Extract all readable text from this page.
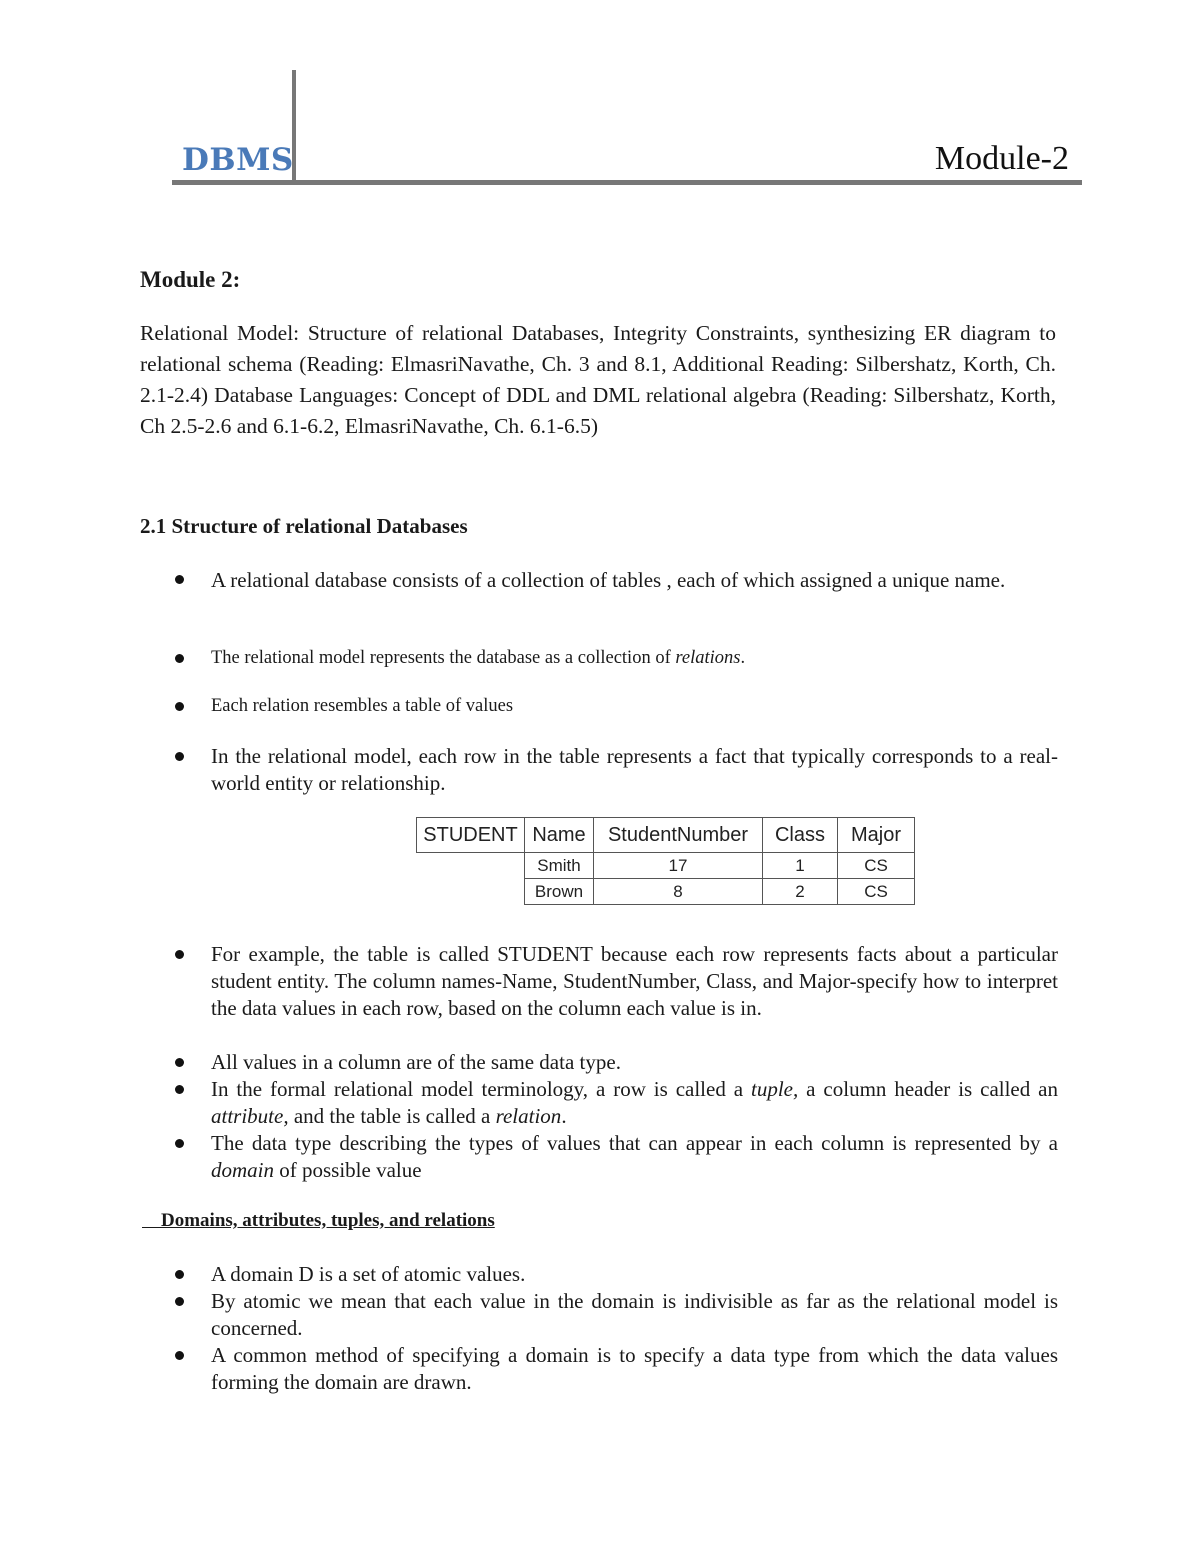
DBMS	Module-2
Module 2:

Relational Model: Structure of relational Databases, Integrity Constraints, synthesizing ER diagram to relational schema (Reading: ElmasriNavathe, Ch. 3 and 8.1, Additional Reading: Silbershatz, Korth, Ch. 2.1-2.4) Database Languages: Concept of DDL and DML relational algebra (Reading: Silbershatz, Korth, Ch 2.5-2.6 and 6.1-6.2, ElmasriNavathe, Ch. 6.1-6.5)

2.1 Structure of relational Databases

A relational database consists of a collection of tables , each of which assigned a unique name.

The relational model represents the database as a collection of relations.

Each relation resembles a table of values

In the relational model, each row in the table represents a fact that typically corresponds to a real-world entity or relationship.

STUDENT	Name	StudentNumber	Class	Major
	Smith	17	1	CS
	Brown	8	2	CS

For example, the table is called STUDENT because each row represents facts about a particular student entity. The column names-Name, StudentNumber, Class, and Major-specify how to interpret the data values in each row, based on the column each value is in.

All values in a column are of the same data type.

In the formal relational model terminology, a row is called a tuple, a column header is called an attribute, and the table is called a relation.

The data type describing the types of values that can appear in each column is represented by a domain of possible value

Domains, attributes, tuples, and relations

A domain D is a set of atomic values.

By atomic we mean that each value in the domain is indivisible as far as the relational model is concerned.

A common method of specifying a domain is to specify a data type from which the data values forming the domain are drawn.
